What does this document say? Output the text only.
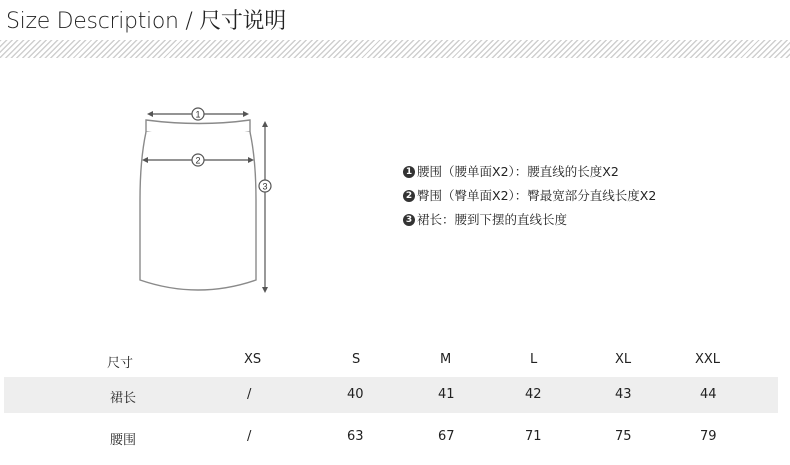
Size Description / 尺寸说明
1
2
3
1 腰围（腰单面X2）：腰直线的长度X2
2 臀围（臀单面X2）：臀最宽部分直线长度X2
3 裙长：腰到下摆的直线长度
尺寸	XS	S	M	L	XL	XXL
裙长	/	40	41	42	43	44
腰围	/	63	67	71	75	79
